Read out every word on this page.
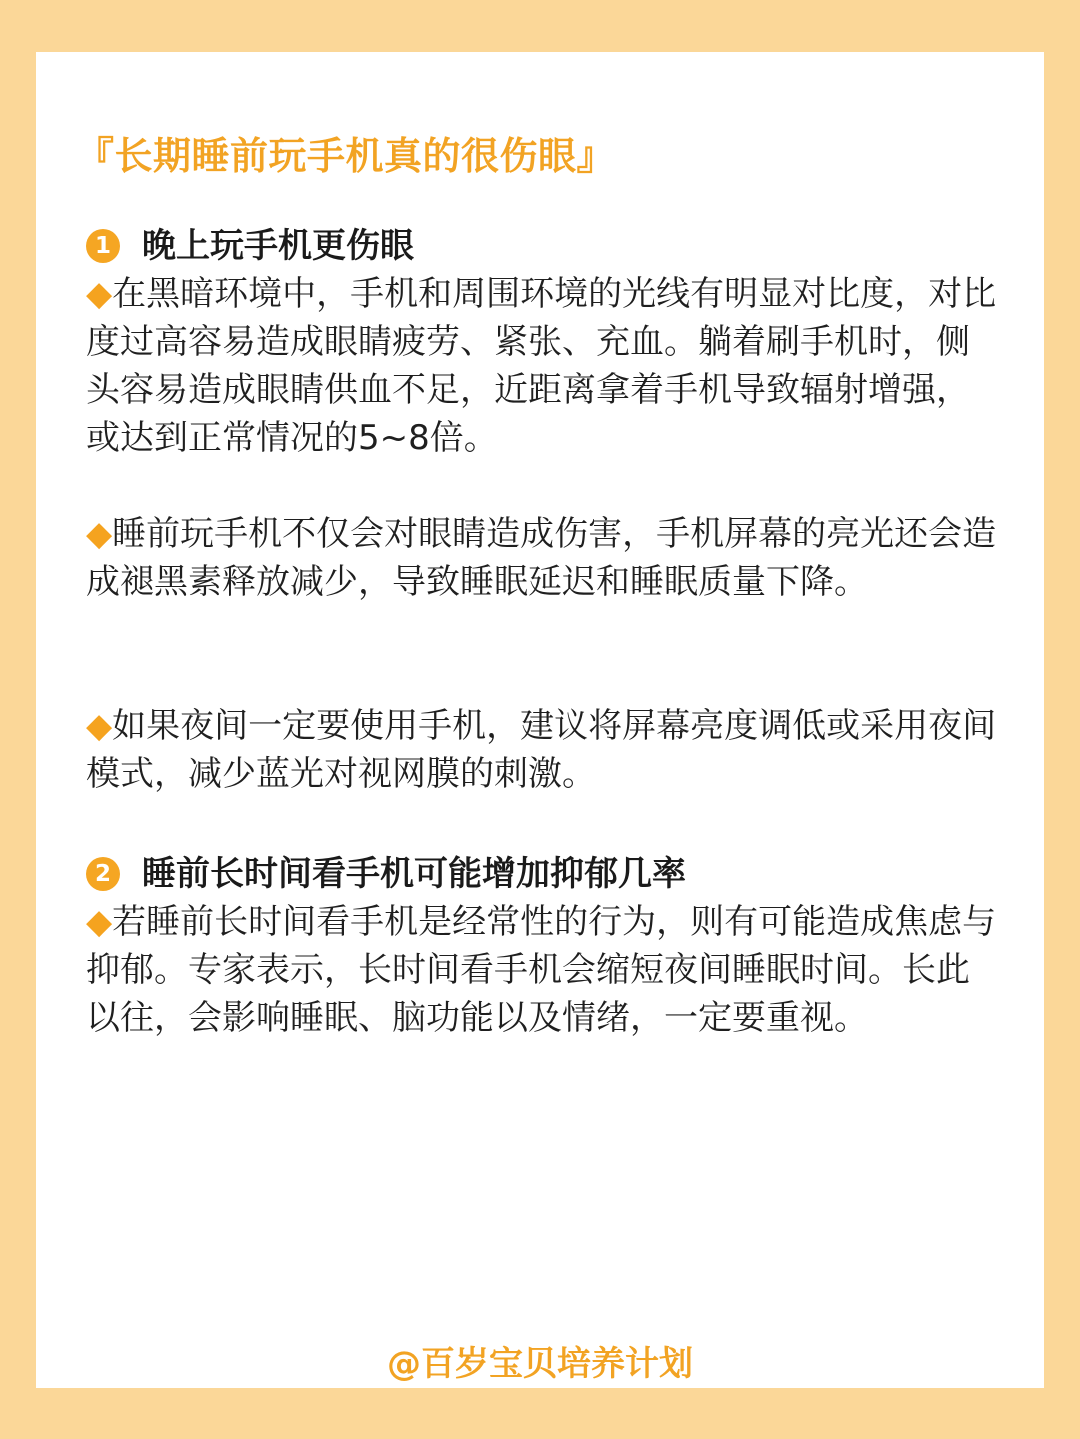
『长期睡前玩手机真的很伤眼』
1 晚上玩手机更伤眼

◆在黑暗环境中，手机和周围环境的光线有明显对比度，对比度过高容易造成眼睛疲劳、紧张、充血。躺着刷手机时，侧头容易造成眼睛供血不足，近距离拿着手机导致辐射增强，或达到正常情况的5~8倍。

◆睡前玩手机不仅会对眼睛造成伤害，手机屏幕的亮光还会造成褪黑素释放减少，导致睡眠延迟和睡眠质量下降。

◆如果夜间一定要使用手机，建议将屏幕亮度调低或采用夜间模式，减少蓝光对视网膜的刺激。

2 睡前长时间看手机可能增加抑郁几率

◆若睡前长时间看手机是经常性的行为，则有可能造成焦虑与抑郁。专家表示，长时间看手机会缩短夜间睡眠时间。长此以往，会影响睡眠、脑功能以及情绪，一定要重视。

@百岁宝贝培养计划
